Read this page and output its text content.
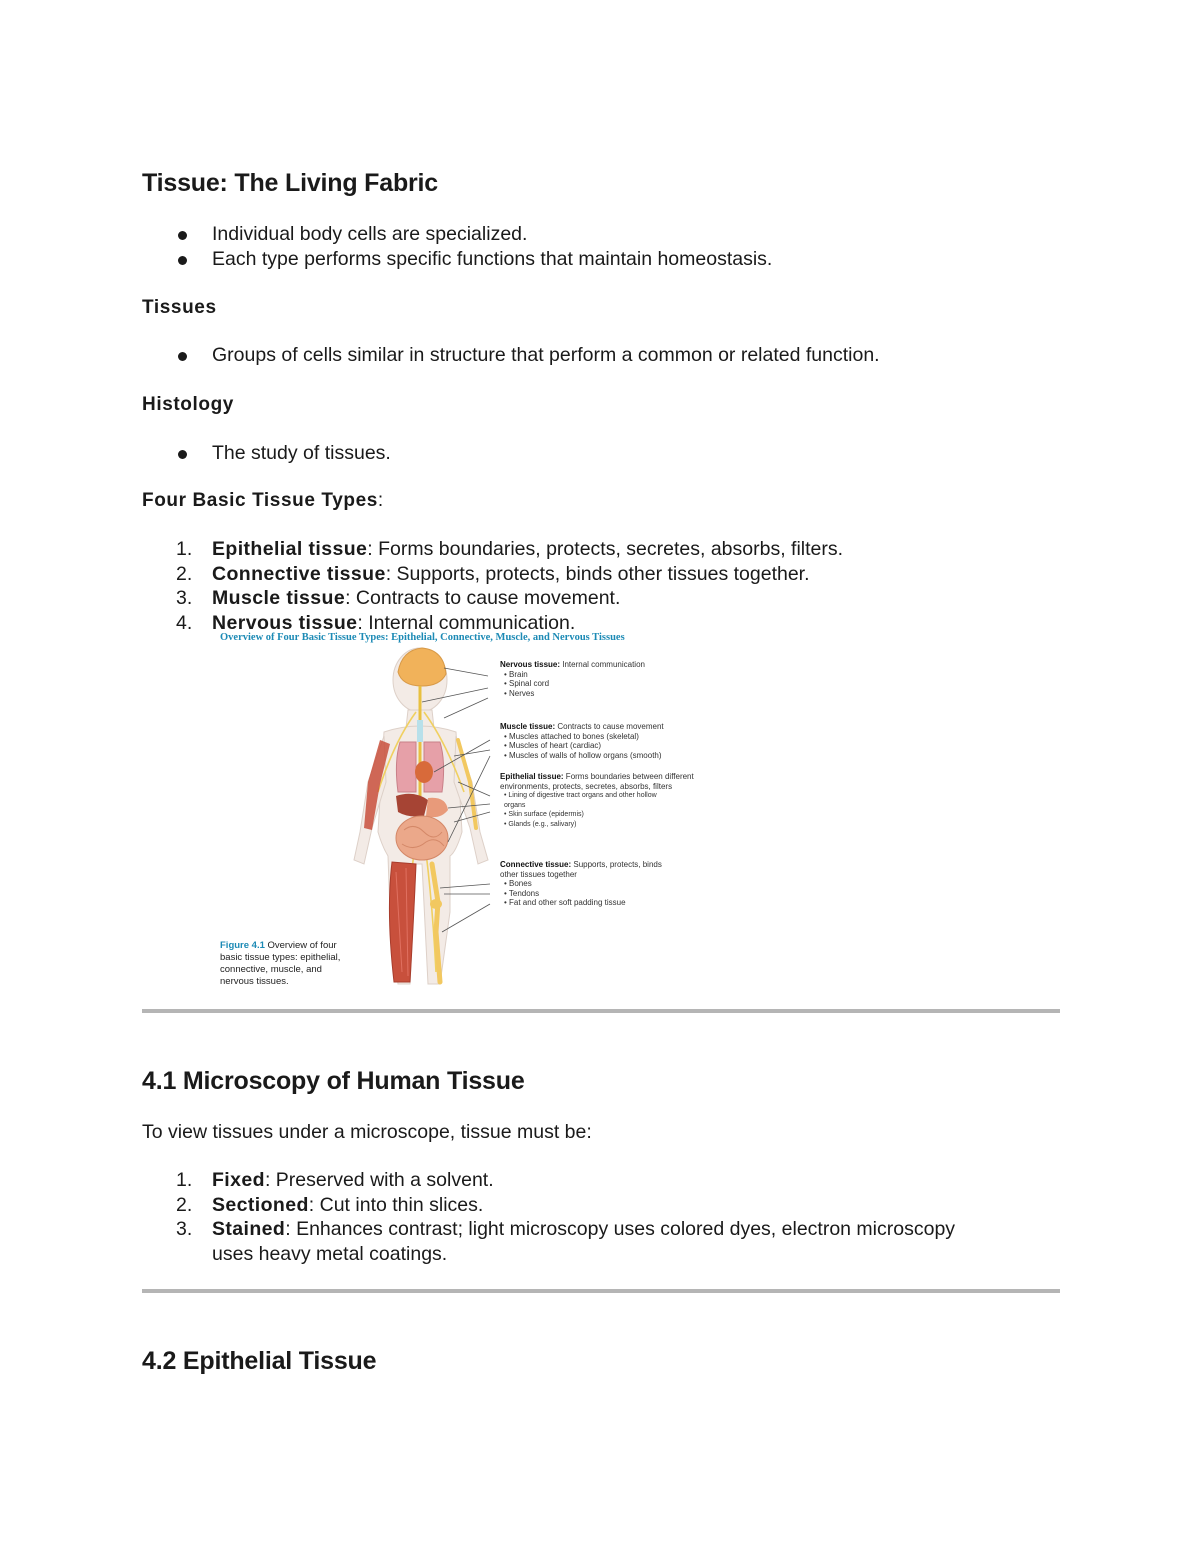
Tissue: The Living Fabric
Individual body cells are specialized.
Each type performs specific functions that maintain homeostasis.
Tissues
Groups of cells similar in structure that perform a common or related function.
Histology
The study of tissues.
Four Basic Tissue Types:
1. Epithelial tissue: Forms boundaries, protects, secretes, absorbs, filters.
2. Connective tissue: Supports, protects, binds other tissues together.
3. Muscle tissue: Contracts to cause movement.
4. Nervous tissue: Internal communication.
Overview of Four Basic Tissue Types: Epithelial, Connective, Muscle, and Nervous Tissues
Nervous tissue: Internal communication
• Brain
• Spinal cord
• Nerves
Muscle tissue: Contracts to cause movement
• Muscles attached to bones (skeletal)
• Muscles of heart (cardiac)
• Muscles of walls of hollow organs (smooth)
Epithelial tissue: Forms boundaries between different
environments, protects, secretes, absorbs, filters
• Lining of digestive tract organs and other hollow
organs
• Skin surface (epidermis)
• Glands (e.g., salivary)
Connective tissue: Supports, protects, binds
other tissues together
• Bones
• Tendons
• Fat and other soft padding tissue
Figure 4.1 Overview of four
basic tissue types: epithelial,
connective, muscle, and
nervous tissues.
4.1 Microscopy of Human Tissue
To view tissues under a microscope, tissue must be:
1. Fixed: Preserved with a solvent.
2. Sectioned: Cut into thin slices.
3. Stained: Enhances contrast; light microscopy uses colored dyes, electron microscopy
uses heavy metal coatings.
4.2 Epithelial Tissue
